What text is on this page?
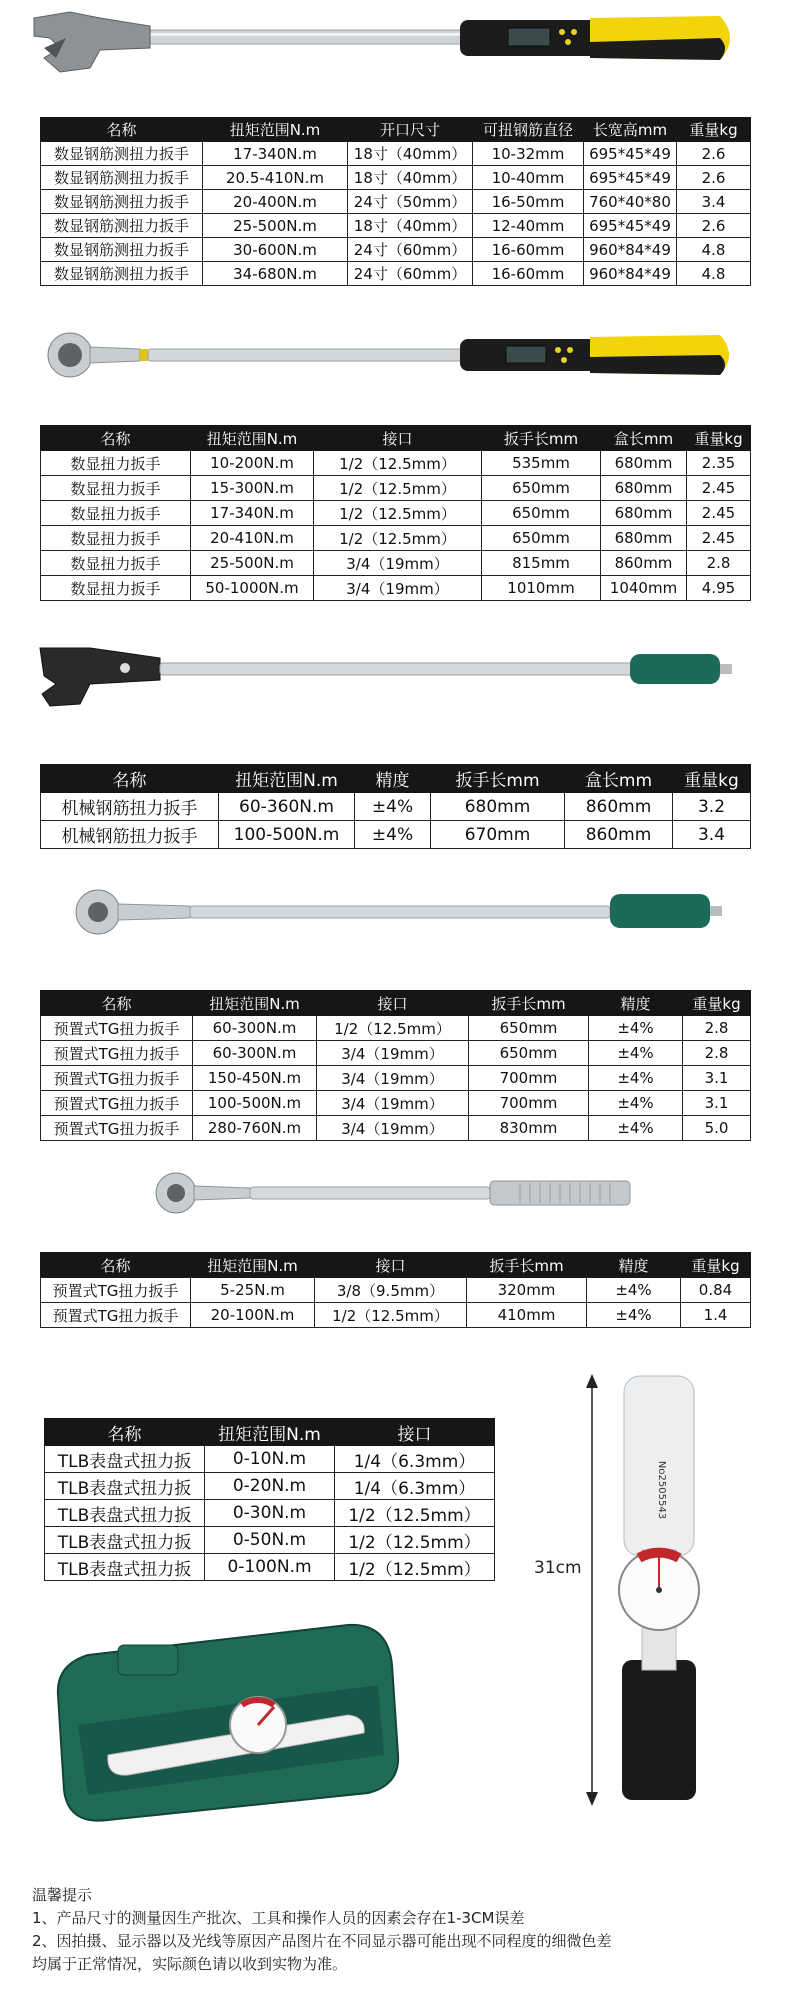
No2505543
名称	扭矩范围N.m	开口尺寸	可扭钢筋直径	长宽高mm	重量kg
数显钢筋测扭力扳手	17-340N.m	18寸（40mm）	10-32mm	695*45*49	2.6
数显钢筋测扭力扳手	20.5-410N.m	18寸（40mm）	10-40mm	695*45*49	2.6
数显钢筋测扭力扳手	20-400N.m	24寸（50mm）	16-50mm	760*40*80	3.4
数显钢筋测扭力扳手	25-500N.m	18寸（40mm）	12-40mm	695*45*49	2.6
数显钢筋测扭力扳手	30-600N.m	24寸（60mm）	16-60mm	960*84*49	4.8
数显钢筋测扭力扳手	34-680N.m	24寸（60mm）	16-60mm	960*84*49	4.8
名称	扭矩范围N.m	接口	扳手长mm	盒长mm	重量kg
数显扭力扳手	10-200N.m	1/2（12.5mm）	535mm	680mm	2.35
数显扭力扳手	15-300N.m	1/2（12.5mm）	650mm	680mm	2.45
数显扭力扳手	17-340N.m	1/2（12.5mm）	650mm	680mm	2.45
数显扭力扳手	20-410N.m	1/2（12.5mm）	650mm	680mm	2.45
数显扭力扳手	25-500N.m	3/4（19mm）	815mm	860mm	2.8
数显扭力扳手	50-1000N.m	3/4（19mm）	1010mm	1040mm	4.95
名称	扭矩范围N.m	精度	扳手长mm	盒长mm	重量kg
机械钢筋扭力扳手	60-360N.m	±4%	680mm	860mm	3.2
机械钢筋扭力扳手	100-500N.m	±4%	670mm	860mm	3.4
名称	扭矩范围N.m	接口	扳手长mm	精度	重量kg
预置式TG扭力扳手	60-300N.m	1/2（12.5mm）	650mm	±4%	2.8
预置式TG扭力扳手	60-300N.m	3/4（19mm）	650mm	±4%	2.8
预置式TG扭力扳手	150-450N.m	3/4（19mm）	700mm	±4%	3.1
预置式TG扭力扳手	100-500N.m	3/4（19mm）	700mm	±4%	3.1
预置式TG扭力扳手	280-760N.m	3/4（19mm）	830mm	±4%	5.0
名称	扭矩范围N.m	接口	扳手长mm	精度	重量kg
预置式TG扭力扳手	5-25N.m	3/8（9.5mm）	320mm	±4%	0.84
预置式TG扭力扳手	20-100N.m	1/2（12.5mm）	410mm	±4%	1.4
名称	扭矩范围N.m	接口
TLB表盘式扭力扳	0-10N.m	1/4（6.3mm）
TLB表盘式扭力扳	0-20N.m	1/4（6.3mm）
TLB表盘式扭力扳	0-30N.m	1/2（12.5mm）
TLB表盘式扭力扳	0-50N.m	1/2（12.5mm）
TLB表盘式扭力扳	0-100N.m	1/2（12.5mm）	31cm
温馨提示
1、产品尺寸的测量因生产批次、工具和操作人员的因素会存在1-3CM误差
2、因拍摄、显示器以及光线等原因产品图片在不同显示器可能出现不同程度的细微色差
均属于正常情况，实际颜色请以收到实物为准。
